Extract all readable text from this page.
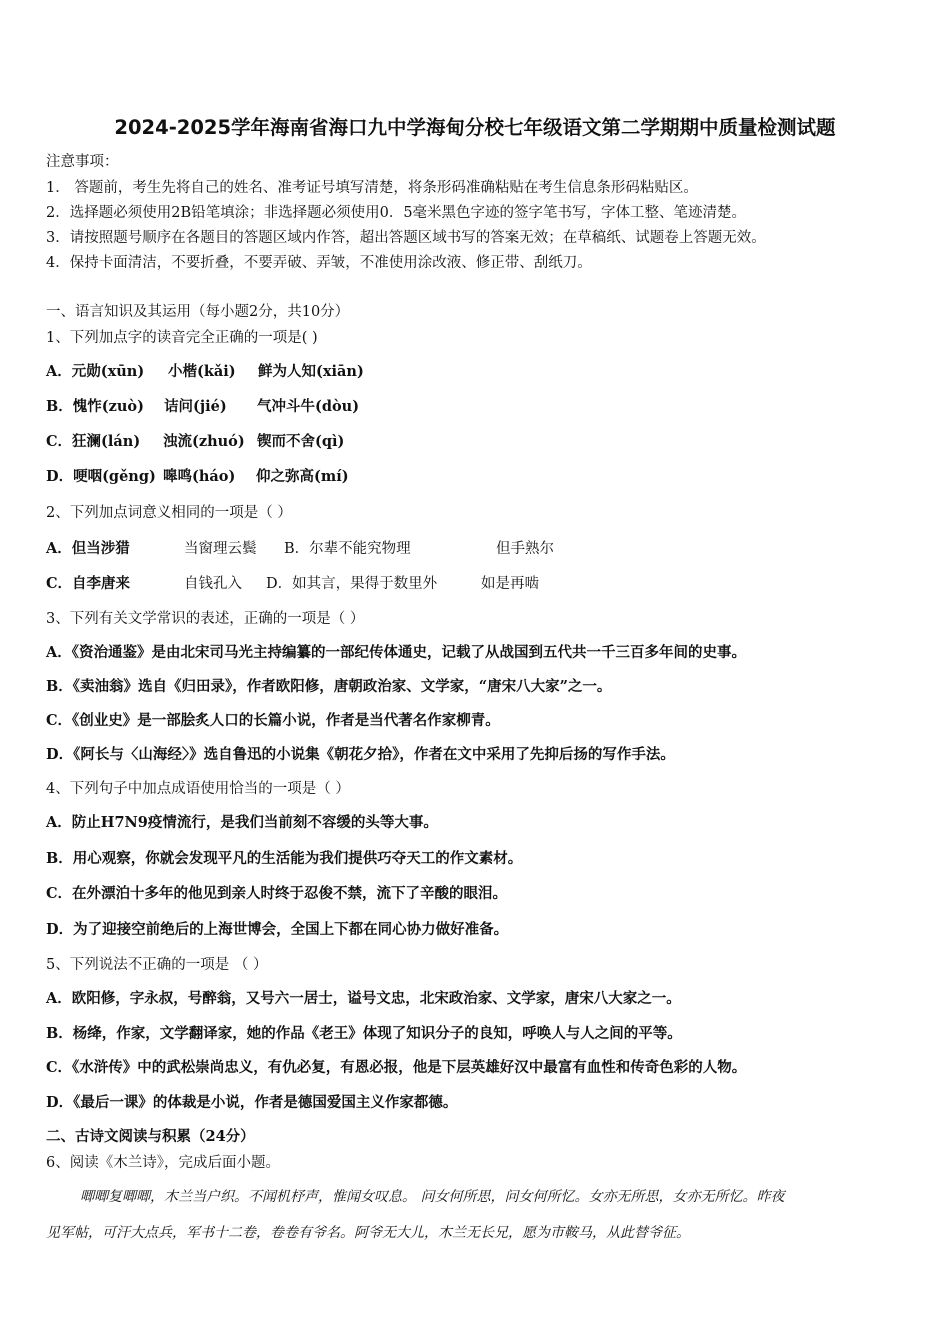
2024-2025学年海南省海口九中学海甸分校七年级语文第二学期期中质量检测试题
注意事项：
1． 答题前，考生先将自己的姓名、准考证号填写清楚，将条形码准确粘贴在考生信息条形码粘贴区。
2．选择题必须使用2B铅笔填涂；非选择题必须使用0．5毫米黑色字迹的签字笔书写，字体工整、笔迹清楚。
3．请按照题号顺序在各题目的答题区域内作答，超出答题区域书写的答案无效；在草稿纸、试题卷上答题无效。
4．保持卡面清洁，不要折叠，不要弄破、弄皱，不准使用涂改液、修正带、刮纸刀。
一、语言知识及其运用（每小题2分，共10分）
1、下列加点字的读音完全正确的一项是( )
A．元勋(xūn) 小楷(kǎi) 鲜为人知(xiān)
B．愧怍(zuò) 诘问(jié) 气冲斗牛(dòu)
C．狂澜(lán) 浊流(zhuó) 锲而不舍(qì)
D．哽咽(gěng) 嗥鸣(háo) 仰之弥高(mí)
2、下列加点词意义相同的一项是（ ）
A．但当涉猎	当窗理云鬓 B．尔辈不能究物理	但手熟尔
C．自李唐来	自钱孔入 D．如其言，果得于数里外	如是再啮
3、下列有关文学常识的表述，正确的一项是（ ）
A．《资治通鉴》是由北宋司马光主持编纂的一部纪传体通史，记载了从战国到五代共一千三百多年间的史事。
B．《卖油翁》选自《归田录》，作者欧阳修，唐朝政治家、文学家，“唐宋八大家”之一。
C．《创业史》是一部脍炙人口的长篇小说，作者是当代著名作家柳青。
D．《阿长与〈山海经〉》选自鲁迅的小说集《朝花夕拾》，作者在文中采用了先抑后扬的写作手法。
4、下列句子中加点成语使用恰当的一项是（ ）
A．防止H7N9疫情流行，是我们当前刻不容缓的头等大事。
B．用心观察，你就会发现平凡的生活能为我们提供巧夺天工的作文素材。
C．在外漂泊十多年的他见到亲人时终于忍俊不禁，流下了辛酸的眼泪。
D．为了迎接空前绝后的上海世博会，全国上下都在同心协力做好准备。
5、下列说法不正确的一项是 （ ）
A．欧阳修，字永叔，号醉翁，又号六一居士，谥号文忠，北宋政治家、文学家，唐宋八大家之一。
B．杨绛，作家，文学翻译家，她的作品《老王》体现了知识分子的良知，呼唤人与人之间的平等。
C．《水浒传》中的武松崇尚忠义，有仇必复，有恩必报，他是下层英雄好汉中最富有血性和传奇色彩的人物。
D．《最后一课》的体裁是小说，作者是德国爱国主义作家都德。
二、古诗文阅读与积累（24分）
6、阅读《木兰诗》，完成后面小题。
唧唧复唧唧，木兰当户织。不闻机杼声，惟闻女叹息。 问女何所思，问女何所忆。女亦无所思，女亦无所忆。昨夜
见军帖，可汗大点兵，军书十二卷，卷卷有爷名。阿爷无大儿，木兰无长兄，愿为市鞍马，从此替爷征。
